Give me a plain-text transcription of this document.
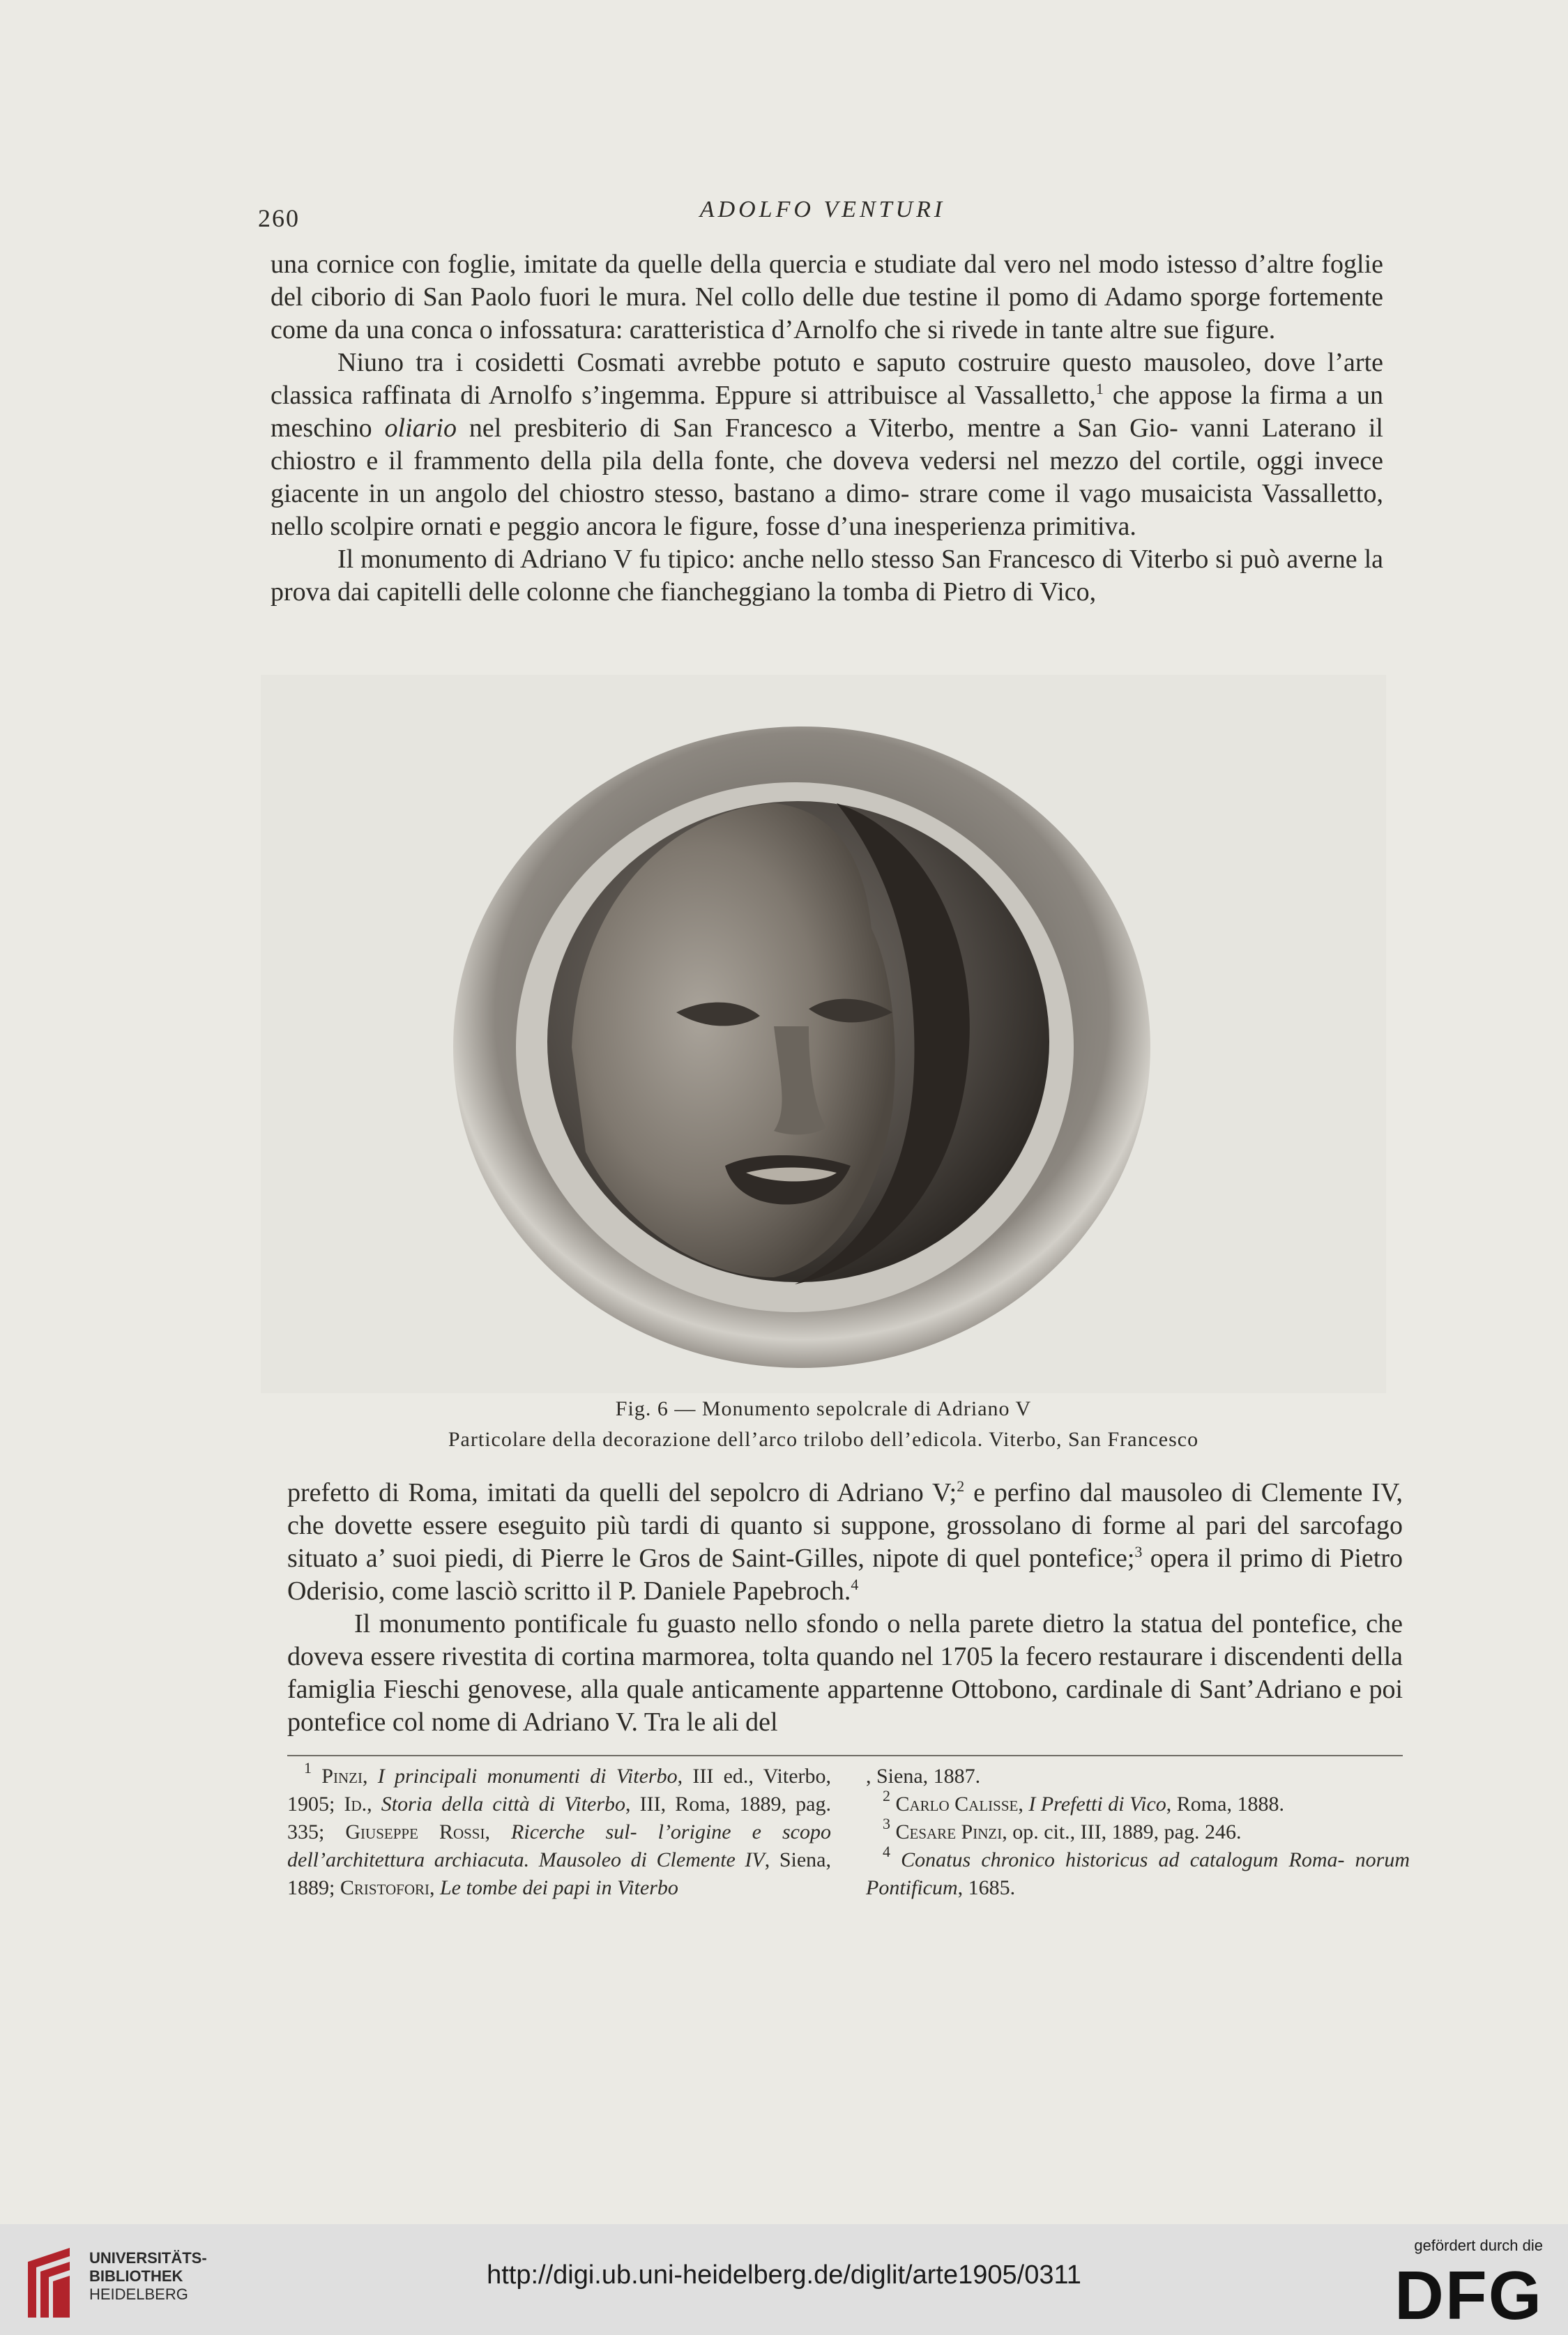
260	ADOLFO VENTURI

una cornice con foglie, imitate da quelle della quercia e studiate dal vero nel modo istesso d’altre foglie del ciborio di San Paolo fuori le mura. Nel collo delle due testine il pomo di Adamo sporge fortemente come da una conca o infossatura: caratteristica d’Arnolfo che si rivede in tante altre sue figure.

Niuno tra i cosidetti Cosmati avrebbe potuto e saputo costruire questo mausoleo, dove l’arte classica raffinata di Arnolfo s’ingemma. Eppure si attribuisce al Vassalletto,$^1$ che appose la firma a un meschino oliario nel presbiterio di San Francesco a Viterbo, mentre a San Gio- vanni Laterano il chiostro e il frammento della pila della fonte, che doveva vedersi nel mezzo del cortile, oggi invece giacente in un angolo del chiostro stesso, bastano a dimo- strare come il vago musaicista Vassalletto, nello scolpire ornati e peggio ancora le figure, fosse d’una inesperienza primitiva.

Il monumento di Adriano V fu tipico: anche nello stesso San Francesco di Viterbo si può averne la prova dai capitelli delle colonne che fiancheggiano la tomba di Pietro di Vico,

Fig. 6 — Monumento sepolcrale di Adriano V
Particolare della decorazione dell’arco trilobo dell’edicola. Viterbo, San Francesco

prefetto di Roma, imitati da quelli del sepolcro di Adriano V;$^2$ e perfino dal mausoleo di Clemente IV, che dovette essere eseguito più tardi di quanto si suppone, grossolano di forme al pari del sarcofago situato a’ suoi piedi, di Pierre le Gros de Saint-Gilles, nipote di quel pontefice;$^3$ opera il primo di Pietro Oderisio, come lasciò scritto il P. Daniele Papebroch.$^4$

Il monumento pontificale fu guasto nello sfondo o nella parete dietro la statua del pontefice, che doveva essere rivestita di cortina marmorea, tolta quando nel 1705 la fecero restaurare i discendenti della famiglia Fieschi genovese, alla quale anticamente appartenne Ottobono, cardinale di Sant’Adriano e poi pontefice col nome di Adriano V. Tra le ali del

$^1$ Pinzi, I principali monumenti di Viterbo, III ed., Viterbo, 1905; Id., Storia della città di Viterbo, III, Roma, 1889, pag. 335; Giuseppe Rossi, Ricerche sul- l’origine e scopo dell’architettura archiacuta. Mausoleo di Clemente IV, Siena, 1889; Cristofori, Le tombe dei papi in Viterbo

, Siena, 1887.

$^2$ Carlo Calisse, I Prefetti di Vico, Roma, 1888.

$^3$ Cesare Pinzi, op. cit., III, 1889, pag. 246.

$^4$ Conatus chronico historicus ad catalogum Roma- norum Pontificum, 1685.

UNIVERSITÄTS-
BIBLIOTHEK
HEIDELBERG
http://digi.ub.uni-heidelberg.de/diglit/arte1905/0311
gefördert durch die
DFG
